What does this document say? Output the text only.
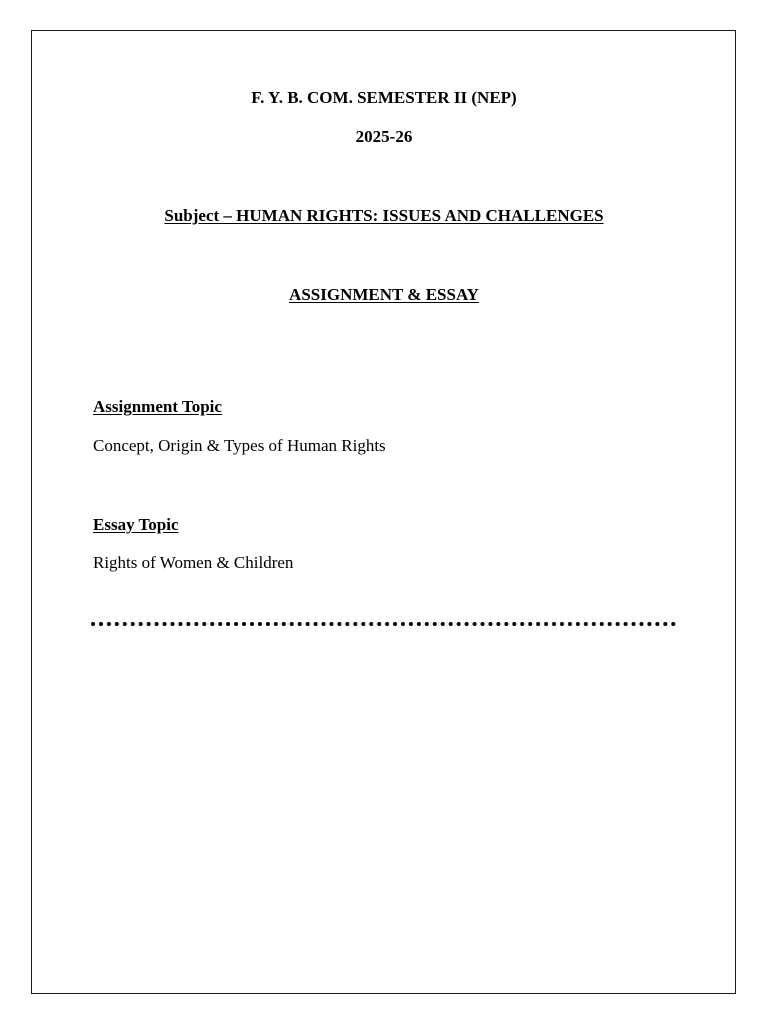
F. Y. B. COM. SEMESTER II (NEP)
2025-26
Subject – HUMAN RIGHTS: ISSUES AND CHALLENGES
ASSIGNMENT & ESSAY
Assignment Topic
Concept, Origin & Types of Human Rights
Essay Topic
Rights of Women & Children
